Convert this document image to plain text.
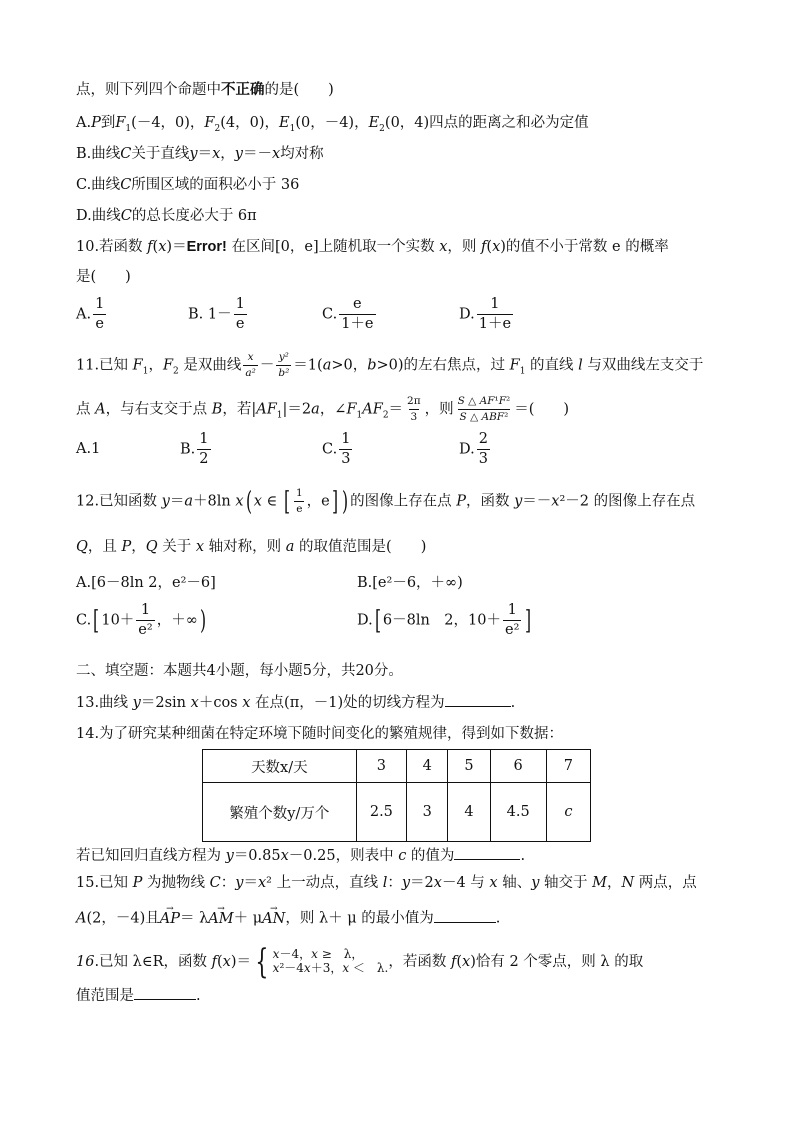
点，则下列四个命题中不正确的是(　　)
A.P到$F_1(-4$，0)，$F_2(4$，0)，$E_1(0$，－4)，$E_2(0$，4)四点的距离之和必为定值
B.曲线C关于直线y＝x，y＝－x均对称
C.曲线C所围区域的面积必小于 36
D.曲线C的总长度必大于 6π
10.若函数 f(x)＝Error! 在区间[0，e]上随机取一个实数 x，则 f(x)的值不小于常数 e 的概率
是(　　)
A. $\frac{1}{e}$	B. $1- \frac{1}{e}$	C. $\frac{e}{1+e}$	D. $\frac{1}{1+e}$
11.已知 $F_1$，$F_2$ 是双曲线 $\frac{x}{\text{a²}} - \frac{\text{y²}}{\text{b²}} =1(a>0$，b>0)的左右焦点，过 $F_1$ 的直线 l 与双曲线左支交于
点 A，与右支交于点 B，若$|AF_1|=2a$，$\angle F_1AF_2= \frac{2\pi}{3}$ ，则 $\frac{\text{S △ AF¹F²}}{\text{S △ ABF²}}$ ＝(　　)
A.1	B. $\frac{1}{2}$	C. $\frac{1}{3}$	D. $\frac{2}{3}$
12.已知函数 y＝a＋8ln x( x ∈ [ $\frac{1}{e}$ ，e] ) 的图像上存在点 P，函数 y＝－x²－2 的图像上存在点
Q，且 P，Q 关于 x 轴对称，则 a 的取值范围是(　　)
A.[6－8ln 2，e²－6]	B.[e²－6，＋∞)
C.[ $10+ \frac{1}{\text{e²}}$ ，＋∞)	D.[ 6－8ln　2，$10+ \frac{1}{\text{e²}}$ ]
二、填空题：本题共4小题，每小题5分，共20分。
13.曲线 y＝2sin x＋cos x 在点(π，－1)处的切线方程为	.
14.为了研究某种细菌在特定环境下随时间变化的繁殖规律，得到如下数据：
天数x/天	3	4	5	6	7
繁殖个数y/万个	2.5	3	4	4.5	c
若已知回归直线方程为 y＝0.85x－0.25，则表中 c 的值为	.
15.已知 P 为抛物线 C：y＝x² 上一动点，直线 l：y＝2x－4 与 x 轴、y 轴交于 M，N 两点，点
A(2，－4)且
→
AP ＝ λ
→
AM ＋ μ
→
AN ，则 λ＋ μ 的最小值为	.
16.已知 λ∈R，函数 f(x)＝ { x－4，x ≥　λ，
x²－4x＋3，x ＜　λ. ，若函数 f(x)恰有 2 个零点，则 λ 的取
值范围是	.
